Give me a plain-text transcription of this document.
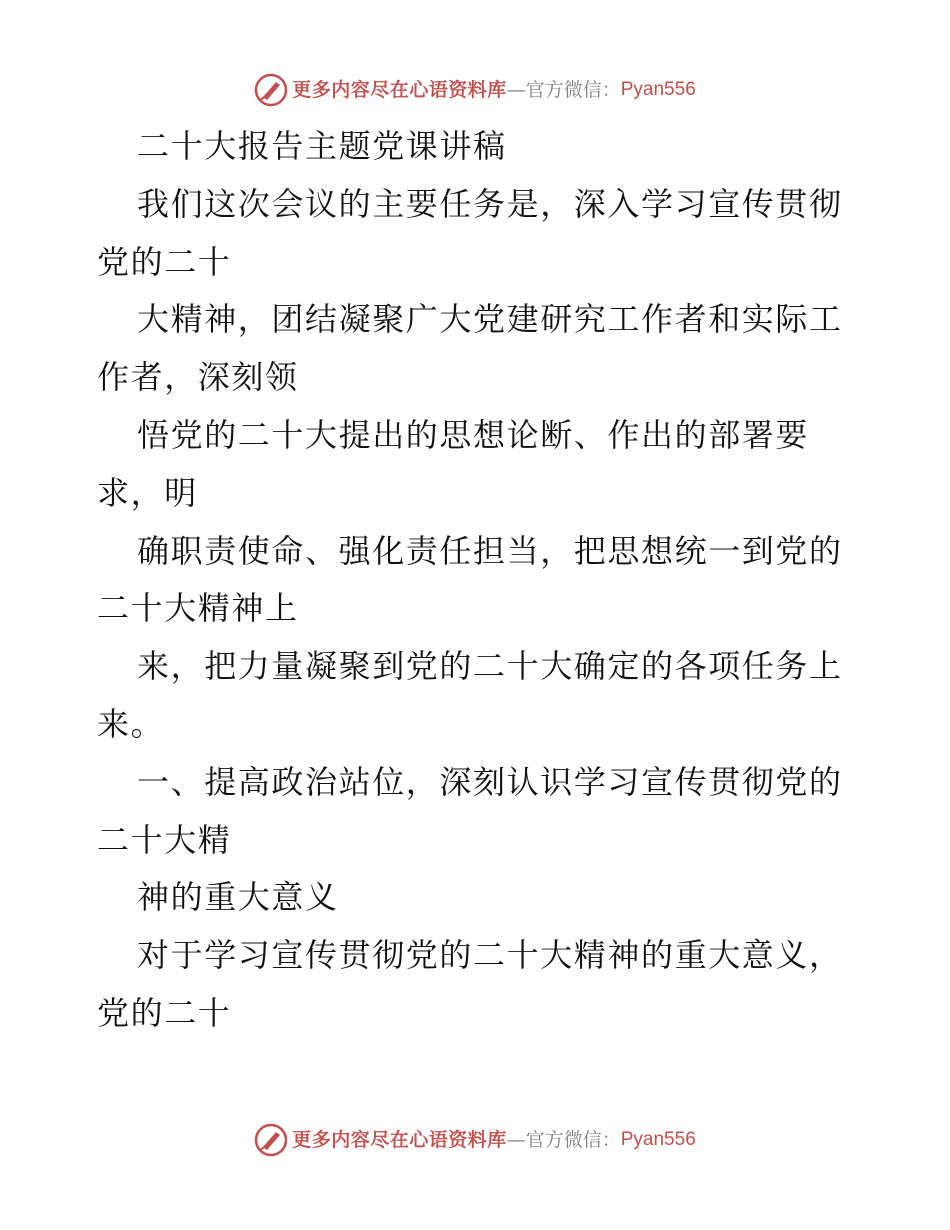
更多内容尽在心语资料库 — 官方微信： Pyan556
二十大报告主题党课讲稿
我们这次会议的主要任务是，深入学习宣传贯彻
党的二十
大精神，团结凝聚广大党建研究工作者和实际工
作者，深刻领
悟党的二十大提出的思想论断、作出的部署要
求，明
确职责使命、强化责任担当，把思想统一到党的
二十大精神上
来，把力量凝聚到党的二十大确定的各项任务上
来。
一、提高政治站位，深刻认识学习宣传贯彻党的
二十大精
神的重大意义
对于学习宣传贯彻党的二十大精神的重大意义，
党的二十
更多内容尽在心语资料库 — 官方微信： Pyan556
